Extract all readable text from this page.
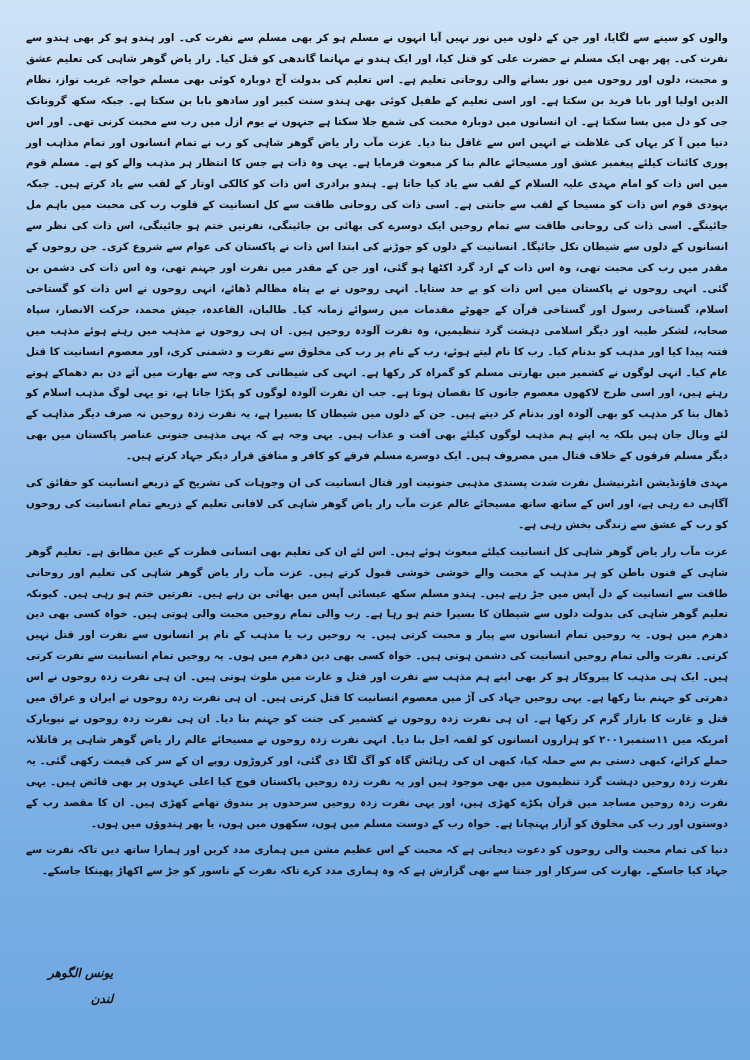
والوں کو سینے سے لگایا، اور جن کے دلوں میں نور نہیں آیا انہوں نے مسلم ہو کر بھی مسلم سے نفرت کی۔ اور ہندو ہو کر بھی ہندو سے نفرت کی۔ پھر بھی ایک مسلم نے حضرت علی کو قتل کیا، اور ایک ہندو نے مہاتما گاندھی کو قتل کیا۔ رار یاض گوھر شاہی کی تعلیم عشق و محبت، دلوں اور روحوں میں نور بسانے والی روحانی تعلیم ہے۔ اس تعلیم کی بدولت آج دوبارہ کوئی بھی مسلم خواجہ غریب نواز، نظام الدین اولیا اور بابا فرید بن سکتا ہے۔ اور اسی تعلیم کے طفیل کوئی بھی ہندو سنت کبیر اور سادھو بابا بن سکتا ہے۔ جبکہ سکھ گرونانک جی کو دل میں بسا سکتا ہے۔ ان انسانوں میں دوبارہ محبت کی شمع جلا سکتا ہے جنہوں نے یوم ازل میں رب سے محبت کرنی تھی۔ اور اس دنیا میں آ کر یہاں کی غلاظت نے انہیں اس سے غافل بنا دیا۔ عزت مآب رار یاض گوھر شاہی کو رب نے تمام انسانوں اور تمام مذاہب اور پوری کائنات کیلئے پیغمبر عشق اور مسیحائے عالم بنا کر مبعوث فرمایا ہے۔ یہی وہ ذات ہے جس کا انتظار ہر مذہب والے کو ہے۔ مسلم قوم میں اس ذات کو امام مہدی علیہ السلام کے لقب سے یاد کیا جاتا ہے۔ ہندو برادری اس ذات کو کالکی اوتار کے لقب سے یاد کرتے ہیں۔ جبکہ یہودی قوم اس ذات کو مسیحا کے لقب سے جانتی ہے۔ اسی ذات کی روحانی طاقت سے کل انسانیت کے قلوب رب کی محبت میں باہم مل جائینگے۔ اسی ذات کی روحانی طاقت سے تمام روحیں ایک دوسرے کی بھائی بن جائینگی، نفرتیں ختم ہو جائینگی، اس ذات کی نظر سے انسانوں کے دلوں سے شیطان نکل جائیگا۔ انسانیت کے دلوں کو جوڑنے کی ابتدا اس ذات نے پاکستان کی عوام سے شروع کری۔ جن روحوں کے مقدر میں رب کی محبت تھی، وہ اس ذات کے ارد گرد اکٹھا ہو گئی، اور جن کے مقدر میں نفرت اور جہنم تھی، وہ اس ذات کی دشمن بن گئی۔ انہی روحوں نے پاکستان میں اس ذات کو بے حد ستایا۔ انہی روحوں نے بے پناہ مظالم ڈھائے، انہی روحوں نے اس ذات کو گستاخی اسلام، گستاخی رسول اور گستاخی قرآن کے جھوٹے مقدمات میں رسوائے زمانہ کیا۔ طالبان، القاعدہ، جیش محمد، حرکت الانصار، سپاہ صحابہ، لشکر طیبہ اور دیگر اسلامی دہشت گرد تنظیمیں، وہ نفرت آلودہ روحیں ہیں۔ ان ہی روحوں نے مذہب میں رہتے ہوئے مذہب میں فتنہ پیدا کیا اور مذہب کو بدنام کیا۔ رب کا نام لیتے ہوئے، رب کے نام پر رب کی مخلوق سے نفرت و دشمنی کری، اور معصوم انسانیت کا قتل عام کیا۔ انہی لوگوں نے کشمیر میں بھارتی مسلم کو گمراہ کر رکھا ہے۔ انہی کی شیطانی کی وجہ سے بھارت میں آئے دن بم دھماکے ہوتے رہتے ہیں، اور اسی طرح لاکھوں معصوم جانوں کا نقصان ہوتا ہے۔ جب ان نفرت آلودہ لوگوں کو پکڑا جاتا ہے، تو یہی لوگ مذہب اسلام کو ڈھال بنا کر مذہب کو بھی آلودہ اور بدنام کر دیتے ہیں۔ جن کے دلوں میں شیطان کا بسیرا ہے، یہ نفرت زدہ روحیں نہ صرف دیگر مذاہب کے لئے وبال جان ہیں بلکہ یہ اپنے ہم مذہب لوگوں کیلئے بھی آفت و عذاب ہیں۔ یہی وجہ ہے کہ یہی مذہبی جنونی عناصر پاکستان میں بھی دیگر مسلم فرقوں کے خلاف قتال میں مصروف ہیں۔ ایک دوسرے مسلم فرقے کو کافر و منافق قرار دیکر جہاد کرتے ہیں۔

مہدی فاؤنڈیشن انٹرنیشنل نفرت شدت پسندی مذہبی جنونیت اور قتال انسانیت کی ان وجوہات کی تشریح کے ذریعے انسانیت کو حقائق کی آگاہی دے رہی ہے، اور اس کے ساتھ ساتھ مسیحائے عالم عزت مآب رار یاض گوھر شاہی کی لافانی تعلیم کے ذریعے تمام انسانیت کی روحوں کو رب کے عشق سے زندگی بخش رہی ہے۔

عزت مآب رار یاض گوھر شاہی کل انسانیت کیلئے مبعوث ہوئے ہیں۔ اس لئے ان کی تعلیم بھی انسانی فطرت کے عین مطابق ہے۔ تعلیم گوھر شاہی کے فنون باطن کو ہر مذہب کے محبت والے خوشی خوشی قبول کرتے ہیں۔ عزت مآب رار یاض گوھر شاہی کی تعلیم اور روحانی طاقت سے انسانیت کے دل آپس میں جڑ رہے ہیں۔ ہندو مسلم سکھ عیسائی آپس میں بھائی بن رہے ہیں۔ نفرتیں ختم ہو رہی ہیں۔ کیونکہ تعلیم گوھر شاہی کی بدولت دلوں سے شیطان کا بسیرا ختم ہو رہا ہے۔ رب والی تمام روحیں محبت والی ہوتی ہیں۔ خواہ کسی بھی دین دھرم میں ہوں۔ یہ روحیں تمام انسانوں سے پیار و محبت کرتی ہیں۔ یہ روحیں رب یا مذہب کے نام پر انسانوں سے نفرت اور قتل نہیں کرتی۔ نفرت والی تمام روحیں انسانیت کی دشمن ہوتی ہیں۔ خواہ کسی بھی دین دھرم میں ہوں۔ یہ روحیں تمام انسانیت سے نفرت کرتی ہیں۔ ایک ہی مذہب کا پیروکار ہو کر بھی اپنے ہم مذہب سے نفرت اور قتل و غارت میں ملوث ہوتی ہیں۔ ان ہی نفرت زدہ روحوں نے اس دھرتی کو جہنم بنا رکھا ہے۔ یہی روحیں جہاد کی آڑ میں معصوم انسانیت کا قتل کرتی ہیں۔ ان ہی نفرت زدہ روحوں نے ایران و عراق میں قتل و غارت کا بازار گرم کر رکھا ہے۔ ان ہی نفرت زدہ روحوں نے کشمیر کی جنت کو جہنم بنا دیا۔ ان ہی نفرت زدہ روحوں نے نیویارک امریکہ میں ١١ستمبر٢٠٠١ کو ہزاروں انسانوں کو لقمہ اجل بنا دیا۔ انہی نفرت زدہ روحوں نے مسیحائے عالم رار یاض گوھر شاہی پر قاتلانہ حملے کرائے، کبھی دستی بم سے حملہ کیا، کبھی ان کی رہائش گاہ کو آگ لگا دی گئی، اور کروڑوں روپے ان کے سر کی قیمت رکھی گئی۔ یہ نفرت زدہ روحیں دہشت گرد تنظیموں میں بھی موجود ہیں اور یہ نفرت زدہ روحیں پاکستان فوج کیا اعلی عہدوں پر بھی فائض ہیں۔ یہی نفرت زدہ روحیں مساجد میں قرآن پکڑے کھڑی ہیں، اور یہی نفرت زدہ روحیں سرحدوں پر بندوق تھامے کھڑی ہیں۔ ان کا مقصد رب کے دوستوں اور رب کی مخلوق کو آزار پہنچانا ہے۔ خواہ رب کے دوست مسلم میں ہوں، سکھوں میں ہوں، یا پھر ہندوؤں میں ہوں۔

دنیا کی تمام محبت والی روحوں کو دعوت دیجاتی ہے کہ محبت کے اس عظیم مشن میں ہماری مدد کریں اور ہمارا ساتھ دیں تاکہ نفرت سے جہاد کیا جاسکے۔ بھارت کی سرکار اور جنتا سے بھی گزارش ہے کہ وہ ہماری مدد کرے تاکہ نفرت کے ناسور کو جڑ سے اکھاڑ پھینکا جاسکے۔

یونس الگوھر
لندن
